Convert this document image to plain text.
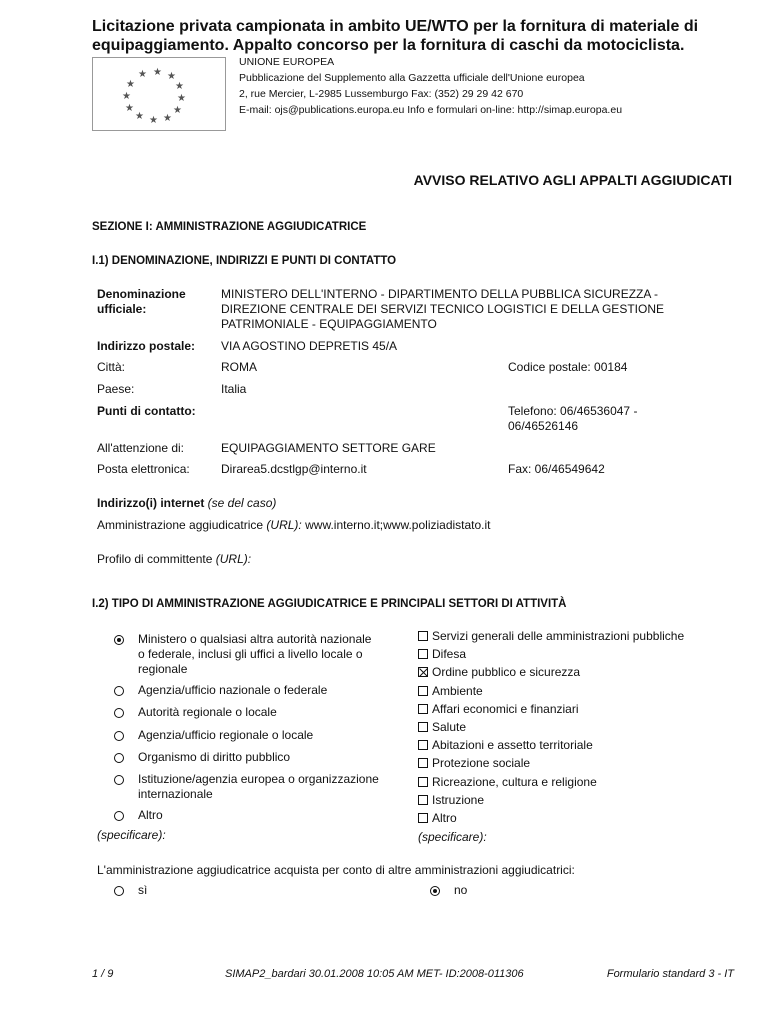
Licitazione privata campionata in ambito UE/WTO per la fornitura di materiale di equipaggiamento. Appalto concorso per la fornitura di caschi da motociclista.
★ ★
★
★
★
★
★
★
★
★
★
★
UNIONE EUROPEA
Pubblicazione del Supplemento alla Gazzetta ufficiale dell'Unione europea
2, rue Mercier, L-2985 Lussemburgo Fax: (352) 29 29 42 670
E-mail: ojs@publications.europa.eu Info e formulari on-line: http://simap.europa.eu
AVVISO RELATIVO AGLI APPALTI AGGIUDICATI
SEZIONE I: AMMINISTRAZIONE AGGIUDICATRICE
I.1) DENOMINAZIONE, INDIRIZZI E PUNTI DI CONTATTO
Denominazione
ufficiale:
MINISTERO DELL'INTERNO - DIPARTIMENTO DELLA PUBBLICA SICUREZZA -
DIREZIONE CENTRALE DEI SERVIZI TECNICO LOGISTICI E DELLA GESTIONE
PATRIMONIALE - EQUIPAGGIAMENTO
Indirizzo postale: VIA AGOSTINO DEPRETIS 45/A
Città:	ROMA	Codice postale: 00184
Paese:	Italia
Punti di contatto:	Telefono: 06/46536047 -
06/46526146
All'attenzione di:	EQUIPAGGIAMENTO SETTORE GARE
Posta elettronica:	Dirarea5.dcstlgp@interno.it	Fax: 06/46549642
Indirizzo(i) internet (se del caso)
Amministrazione aggiudicatrice (URL): www.interno.it;www.poliziadistato.it
Profilo di committente (URL):
I.2) TIPO DI AMMINISTRAZIONE AGGIUDICATRICE E PRINCIPALI SETTORI DI ATTIVITÀ
Ministero o qualsiasi altra autorità nazionale
o federale, inclusi gli uffici a livello locale o
regionale
Agenzia/ufficio nazionale o federale
Autorità regionale o locale
Agenzia/ufficio regionale o locale
Organismo di diritto pubblico
Istituzione/agenzia europea o organizzazione
internazionale
Altro
(specificare):
Servizi generali delle amministrazioni pubbliche
Difesa
Ordine pubblico e sicurezza
Ambiente
Affari economici e finanziari
Salute
Abitazioni e assetto territoriale
Protezione sociale
Ricreazione, cultura e religione
Istruzione
Altro
(specificare):
L'amministrazione aggiudicatrice acquista per conto di altre amministrazioni aggiudicatrici:
sì	no
1 / 9	SIMAP2_bardari 30.01.2008 10:05 AM MET- ID:2008-011306	Formulario standard 3 - IT
